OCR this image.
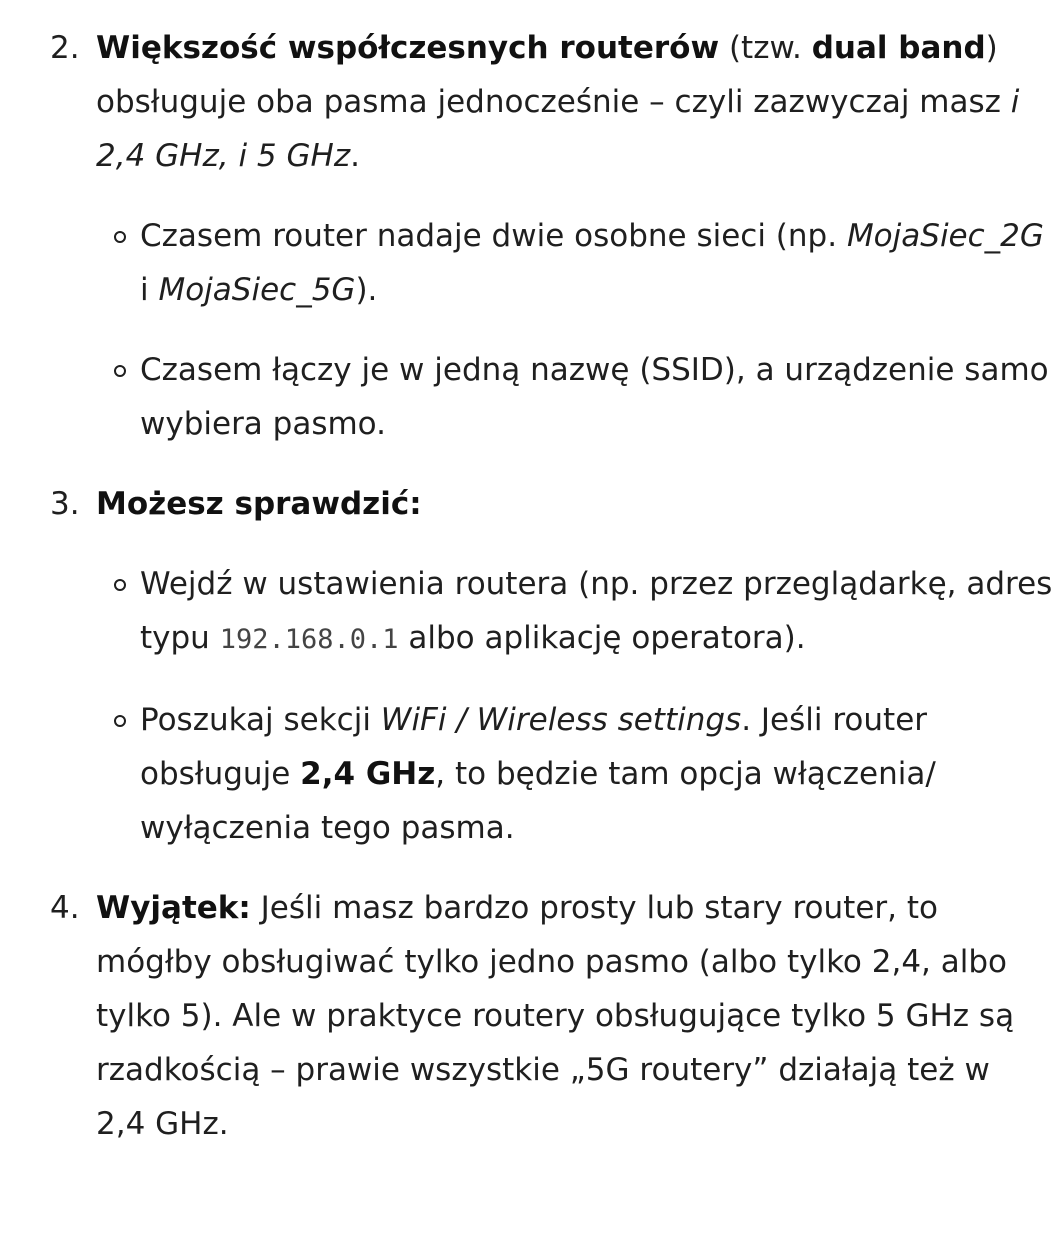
2. Większość współczesnych routerów (tzw. dual band) obsługuje oba pasma jednocześnie – czyli zazwyczaj masz i 2,4 GHz, i 5 GHz.
Czasem router nadaje dwie osobne sieci (np. MojaSiec_2G i MojaSiec_5G).
Czasem łączy je w jedną nazwę (SSID), a urządzenie samo wybiera pasmo.
3. Możesz sprawdzić:
Wejdź w ustawienia routera (np. przez przeglądarkę, adres typu 192.168.0.1 albo aplikację operatora).
Poszukaj sekcji WiFi / Wireless settings. Jeśli router obsługuje 2,4 GHz, to będzie tam opcja włączenia/ wyłączenia tego pasma.
4. Wyjątek: Jeśli masz bardzo prosty lub stary router, to mógłby obsługiwać tylko jedno pasmo (albo tylko 2,4, albo tylko 5). Ale w praktyce routery obsługujące tylko 5 GHz są rzadkością – prawie wszystkie „5G routery” działają też w 2,4 GHz.
